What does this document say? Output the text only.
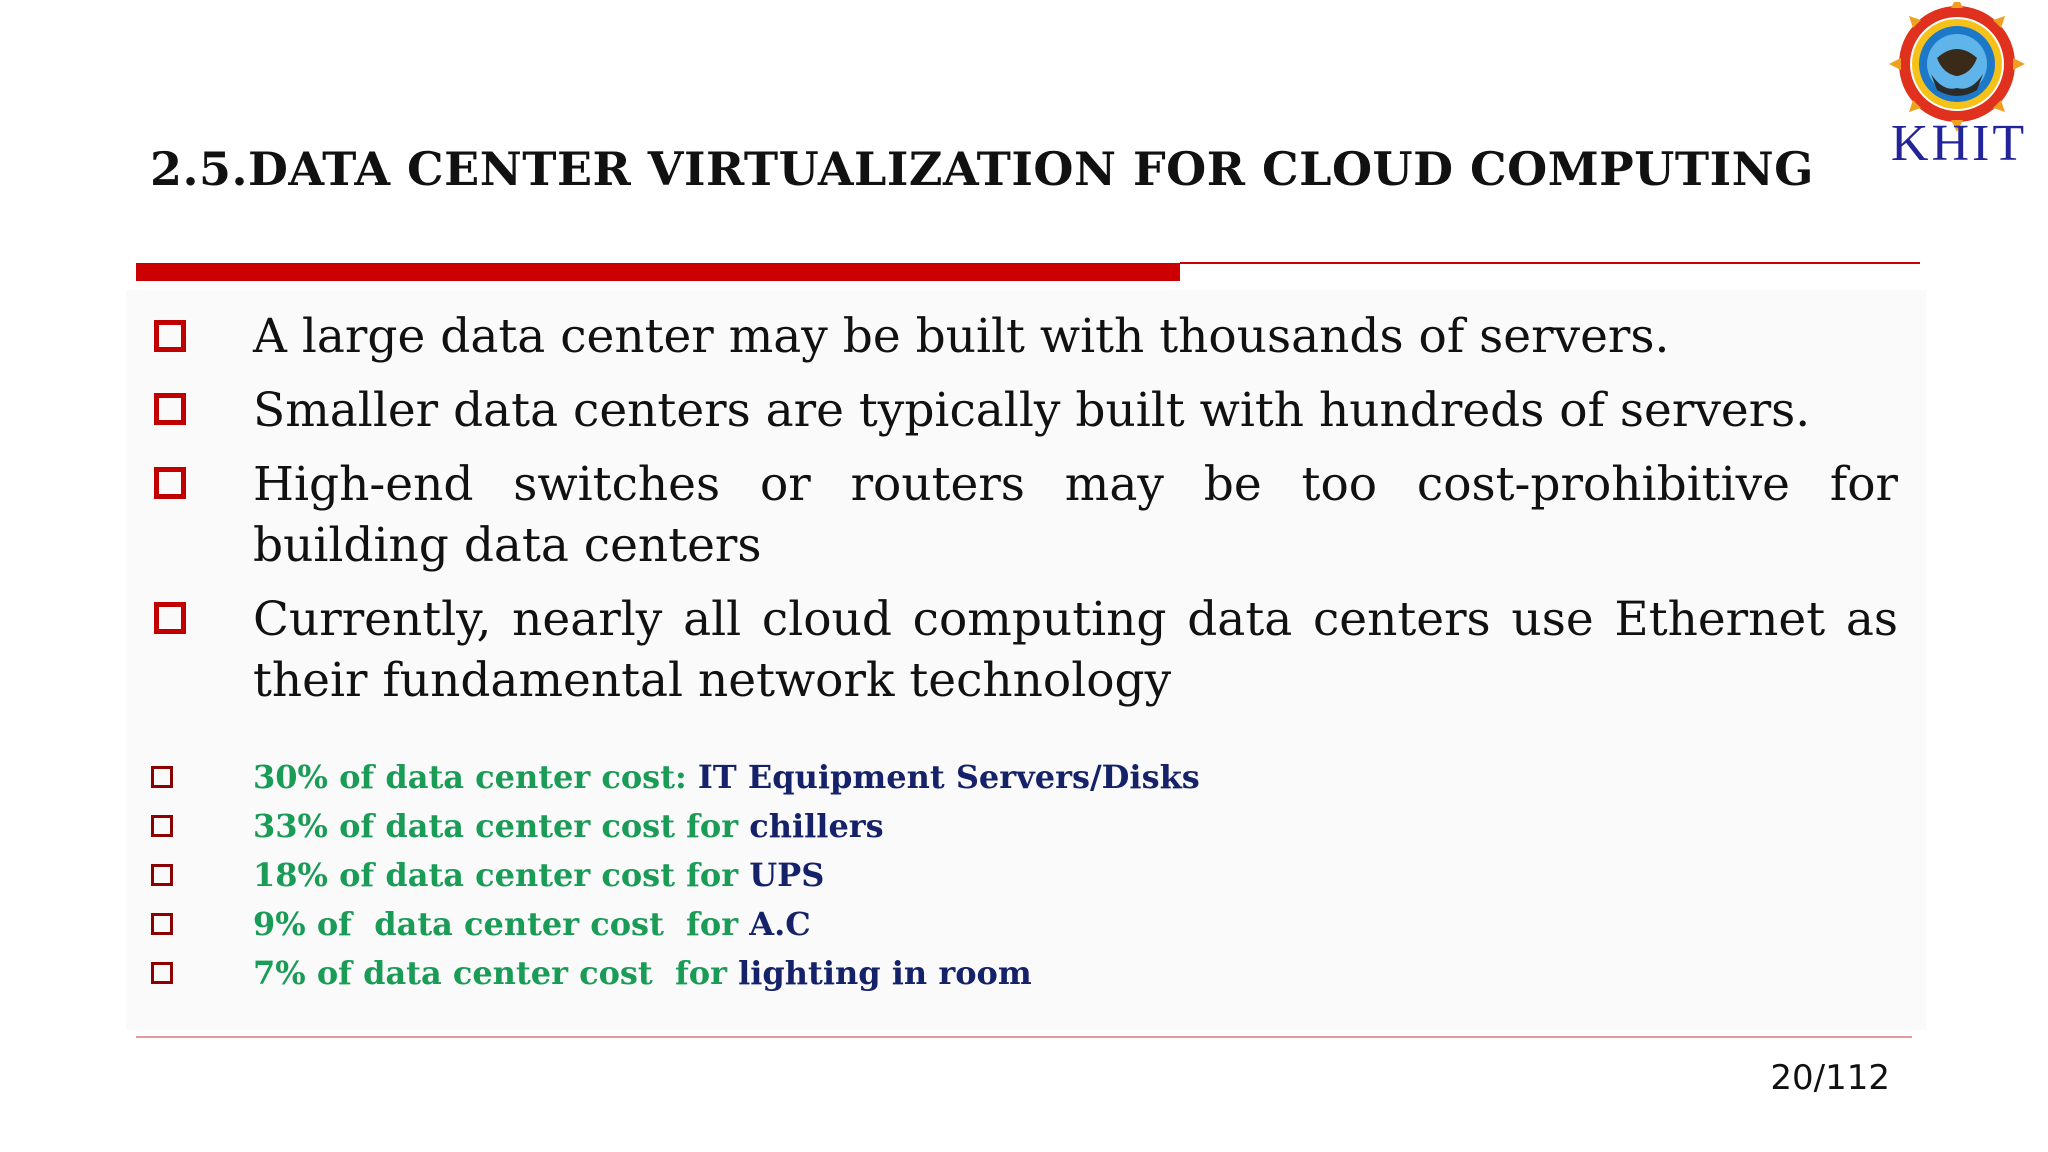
2.5.DATA CENTER VIRTUALIZATION FOR CLOUD COMPUTING	KHIT
A large data center may be built with thousands of servers.
Smaller data centers are typically built with hundreds of servers.
High-end switches or routers may be too cost-prohibitive for building data centers
Currently, nearly all cloud computing data centers use Ethernet as their fundamental network technology
30% of data center cost: IT Equipment Servers/Disks
33% of data center cost for chillers
18% of data center cost for UPS
9% of  data center cost  for A.C
7% of data center cost  for lighting in room
20/112
